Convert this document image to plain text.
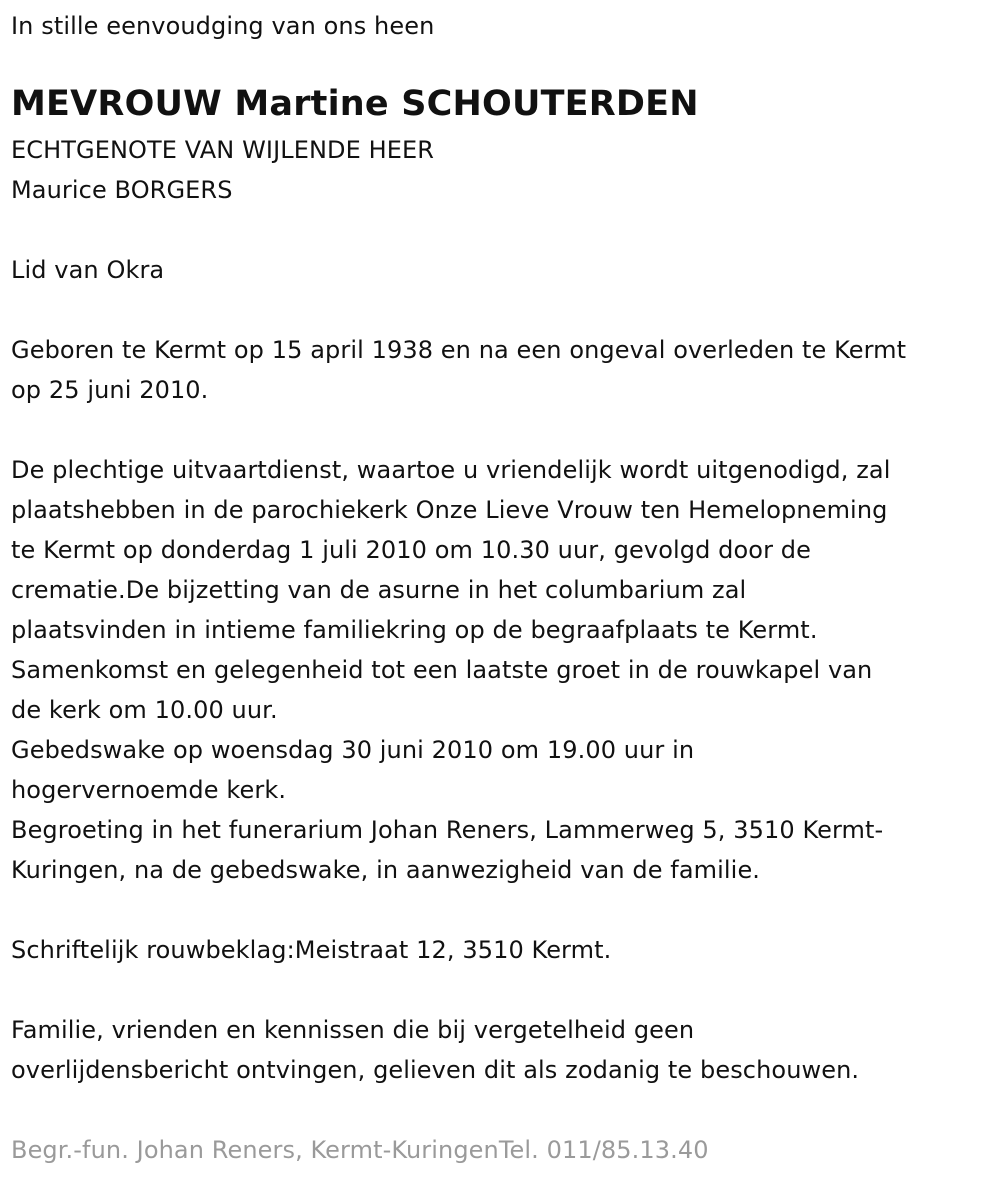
In stille eenvoudging van ons heen
MEVROUW Martine SCHOUTERDEN
ECHTGENOTE VAN WIJLENDE HEER
Maurice BORGERS
Lid van Okra
Geboren te Kermt op 15 april 1938 en na een ongeval overleden te Kermt
op 25 juni 2010.
De plechtige uitvaartdienst, waartoe u vriendelijk wordt uitgenodigd, zal
plaatshebben in de parochiekerk Onze Lieve Vrouw ten Hemelopneming
te Kermt op donderdag 1 juli 2010 om 10.30 uur, gevolgd door de
crematie.De bijzetting van de asurne in het columbarium zal
plaatsvinden in intieme familiekring op de begraafplaats te Kermt.
Samenkomst en gelegenheid tot een laatste groet in de rouwkapel van
de kerk om 10.00 uur.
Gebedswake op woensdag 30 juni 2010 om 19.00 uur in
hogervernoemde kerk.
Begroeting in het funerarium Johan Reners, Lammerweg 5, 3510 Kermt-
Kuringen, na de gebedswake, in aanwezigheid van de familie.
Schriftelijk rouwbeklag:Meistraat 12, 3510 Kermt.
Familie, vrienden en kennissen die bij vergetelheid geen
overlijdensbericht ontvingen, gelieven dit als zodanig te beschouwen.
Begr.-fun. Johan Reners, Kermt-KuringenTel. 011/85.13.40
